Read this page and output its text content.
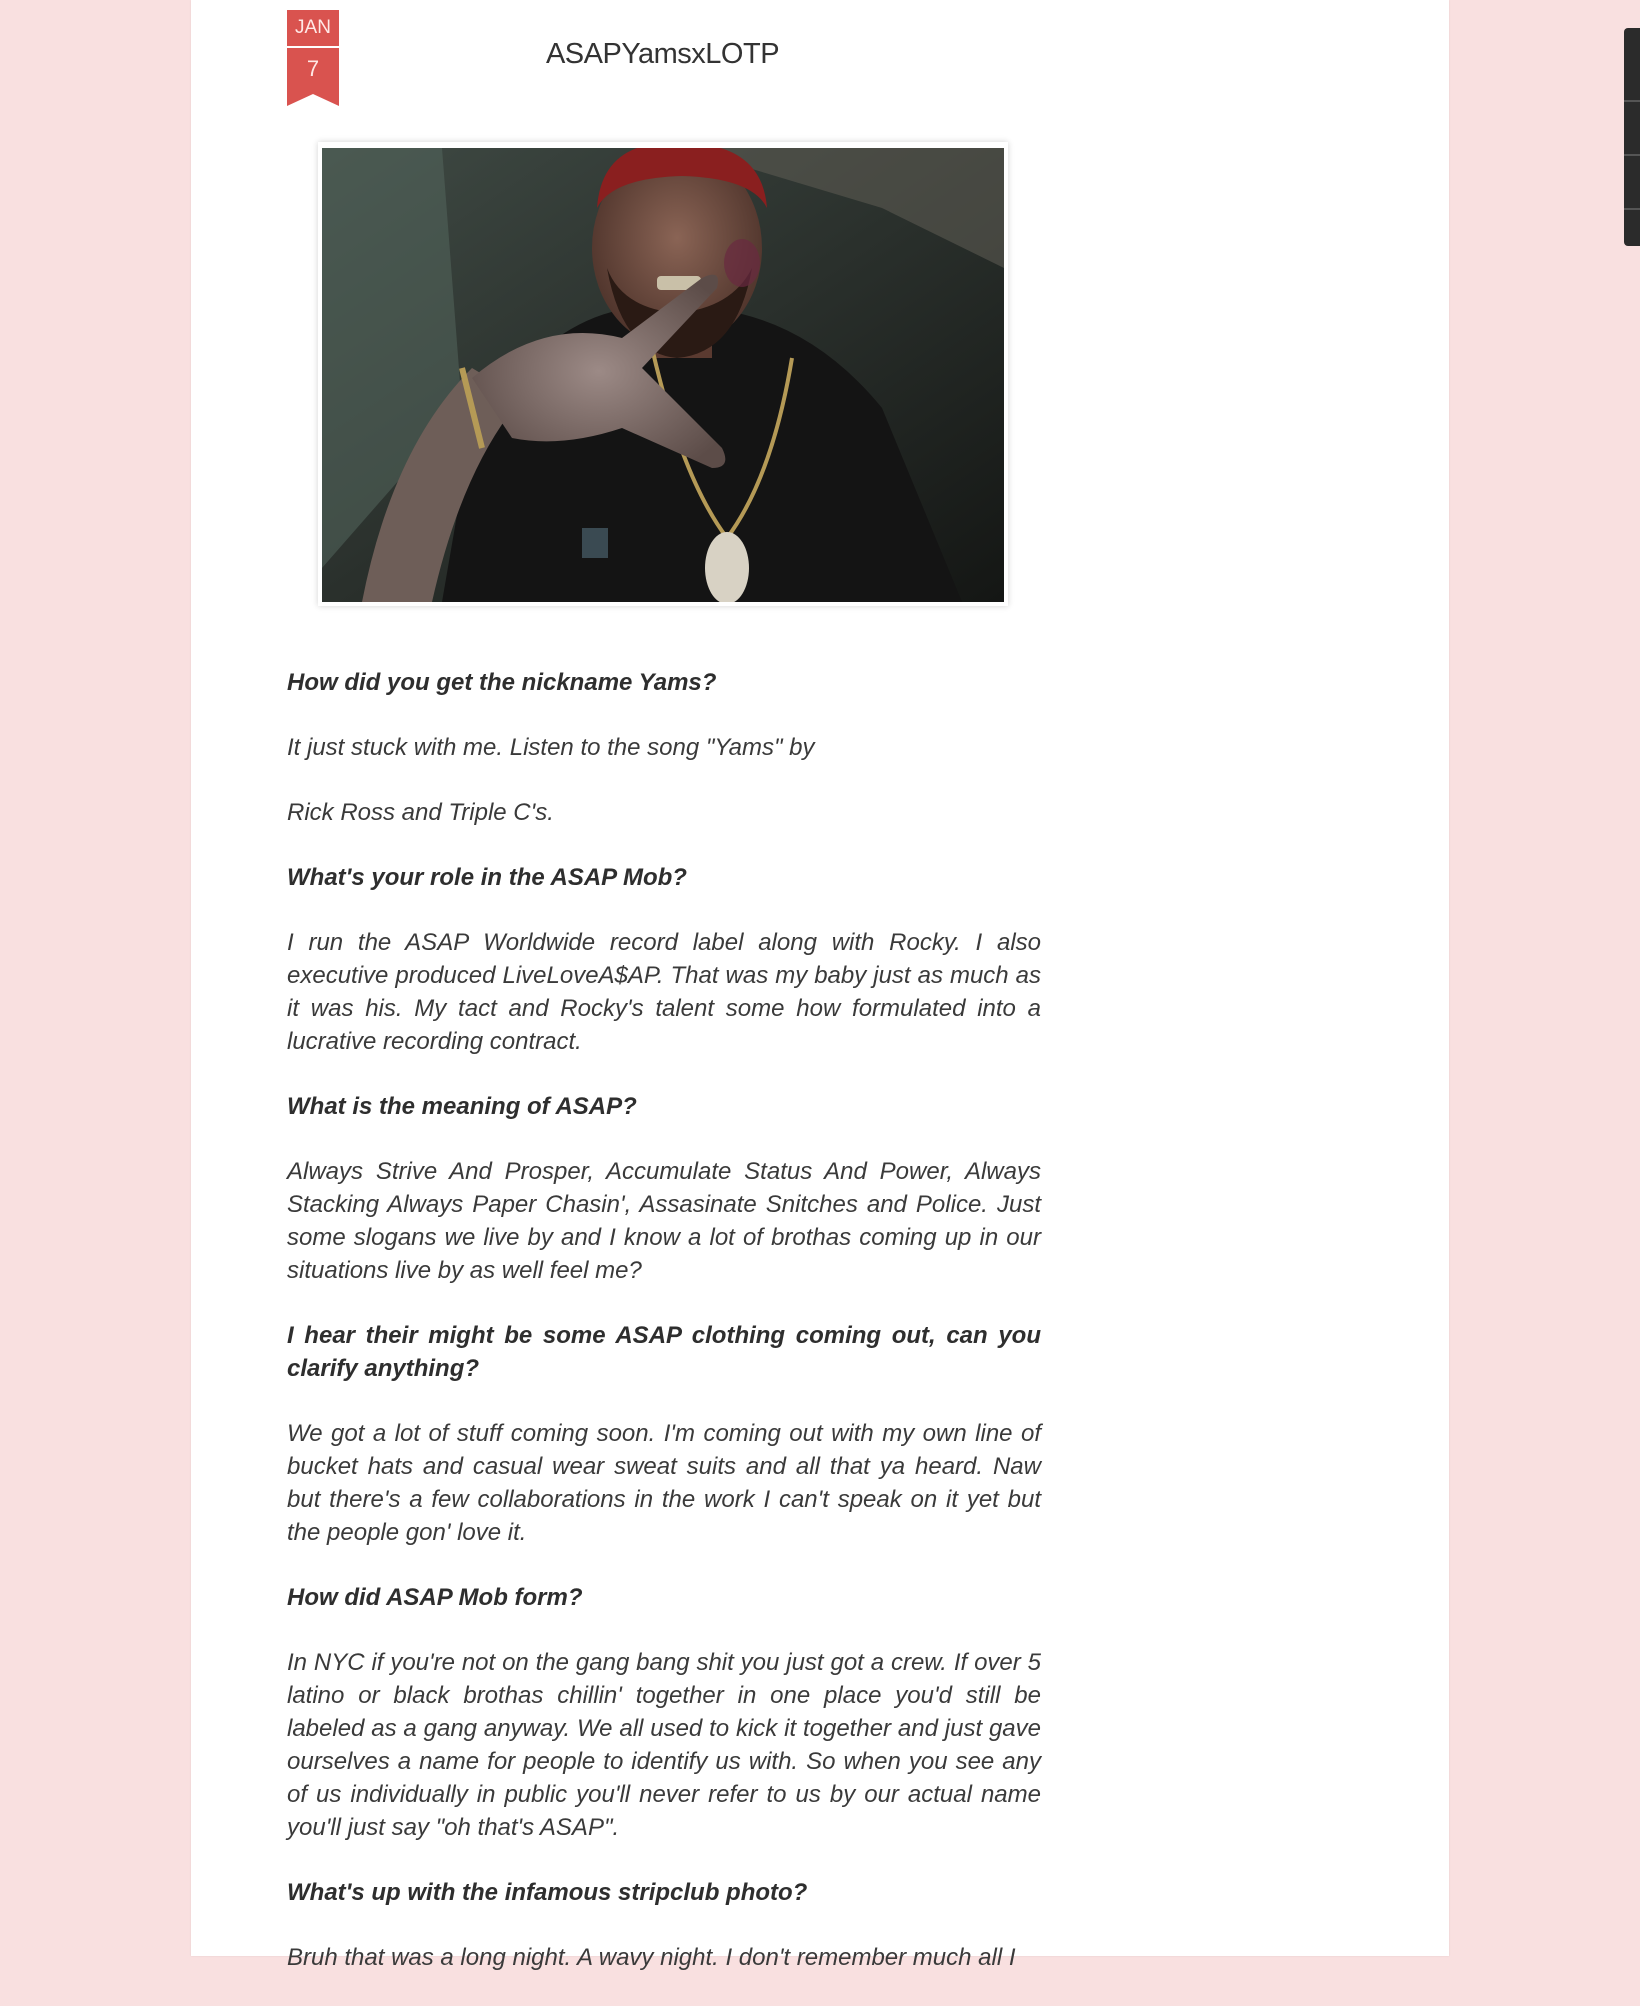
JAN
7	ASAPYamsxLOTP

How did you get the nickname Yams?

It just stuck with me. Listen to the song "Yams" by

Rick Ross and Triple C's.

What's your role in the ASAP Mob?

I run the ASAP Worldwide record label along with Rocky. I also executive produced LiveLoveA$AP. That was my baby just as much as it was his. My tact and Rocky's talent some how formulated into a lucrative recording contract.

What is the meaning of ASAP?

Always Strive And Prosper, Accumulate Status And Power, Always Stacking Always Paper Chasin', Assasinate Snitches and Police. Just some slogans we live by and I know a lot of brothas coming up in our situations live by as well feel me?

I hear their might be some ASAP clothing coming out, can you clarify anything?

We got a lot of stuff coming soon. I'm coming out with my own line of bucket hats and casual wear sweat suits and all that ya heard. Naw but there's a few collaborations in the work I can't speak on it yet but the people gon' love it.

How did ASAP Mob form?

In NYC if you're not on the gang bang shit you just got a crew. If over 5 latino or black brothas chillin' together in one place you'd still be labeled as a gang anyway. We all used to kick it together and just gave ourselves a name for people to identify us with. So when you see any of us individually in public you'll never refer to us by our actual name you'll just say "oh that's ASAP".

What's up with the infamous stripclub photo?

Bruh that was a long night. A wavy night. I don't remember much all I
